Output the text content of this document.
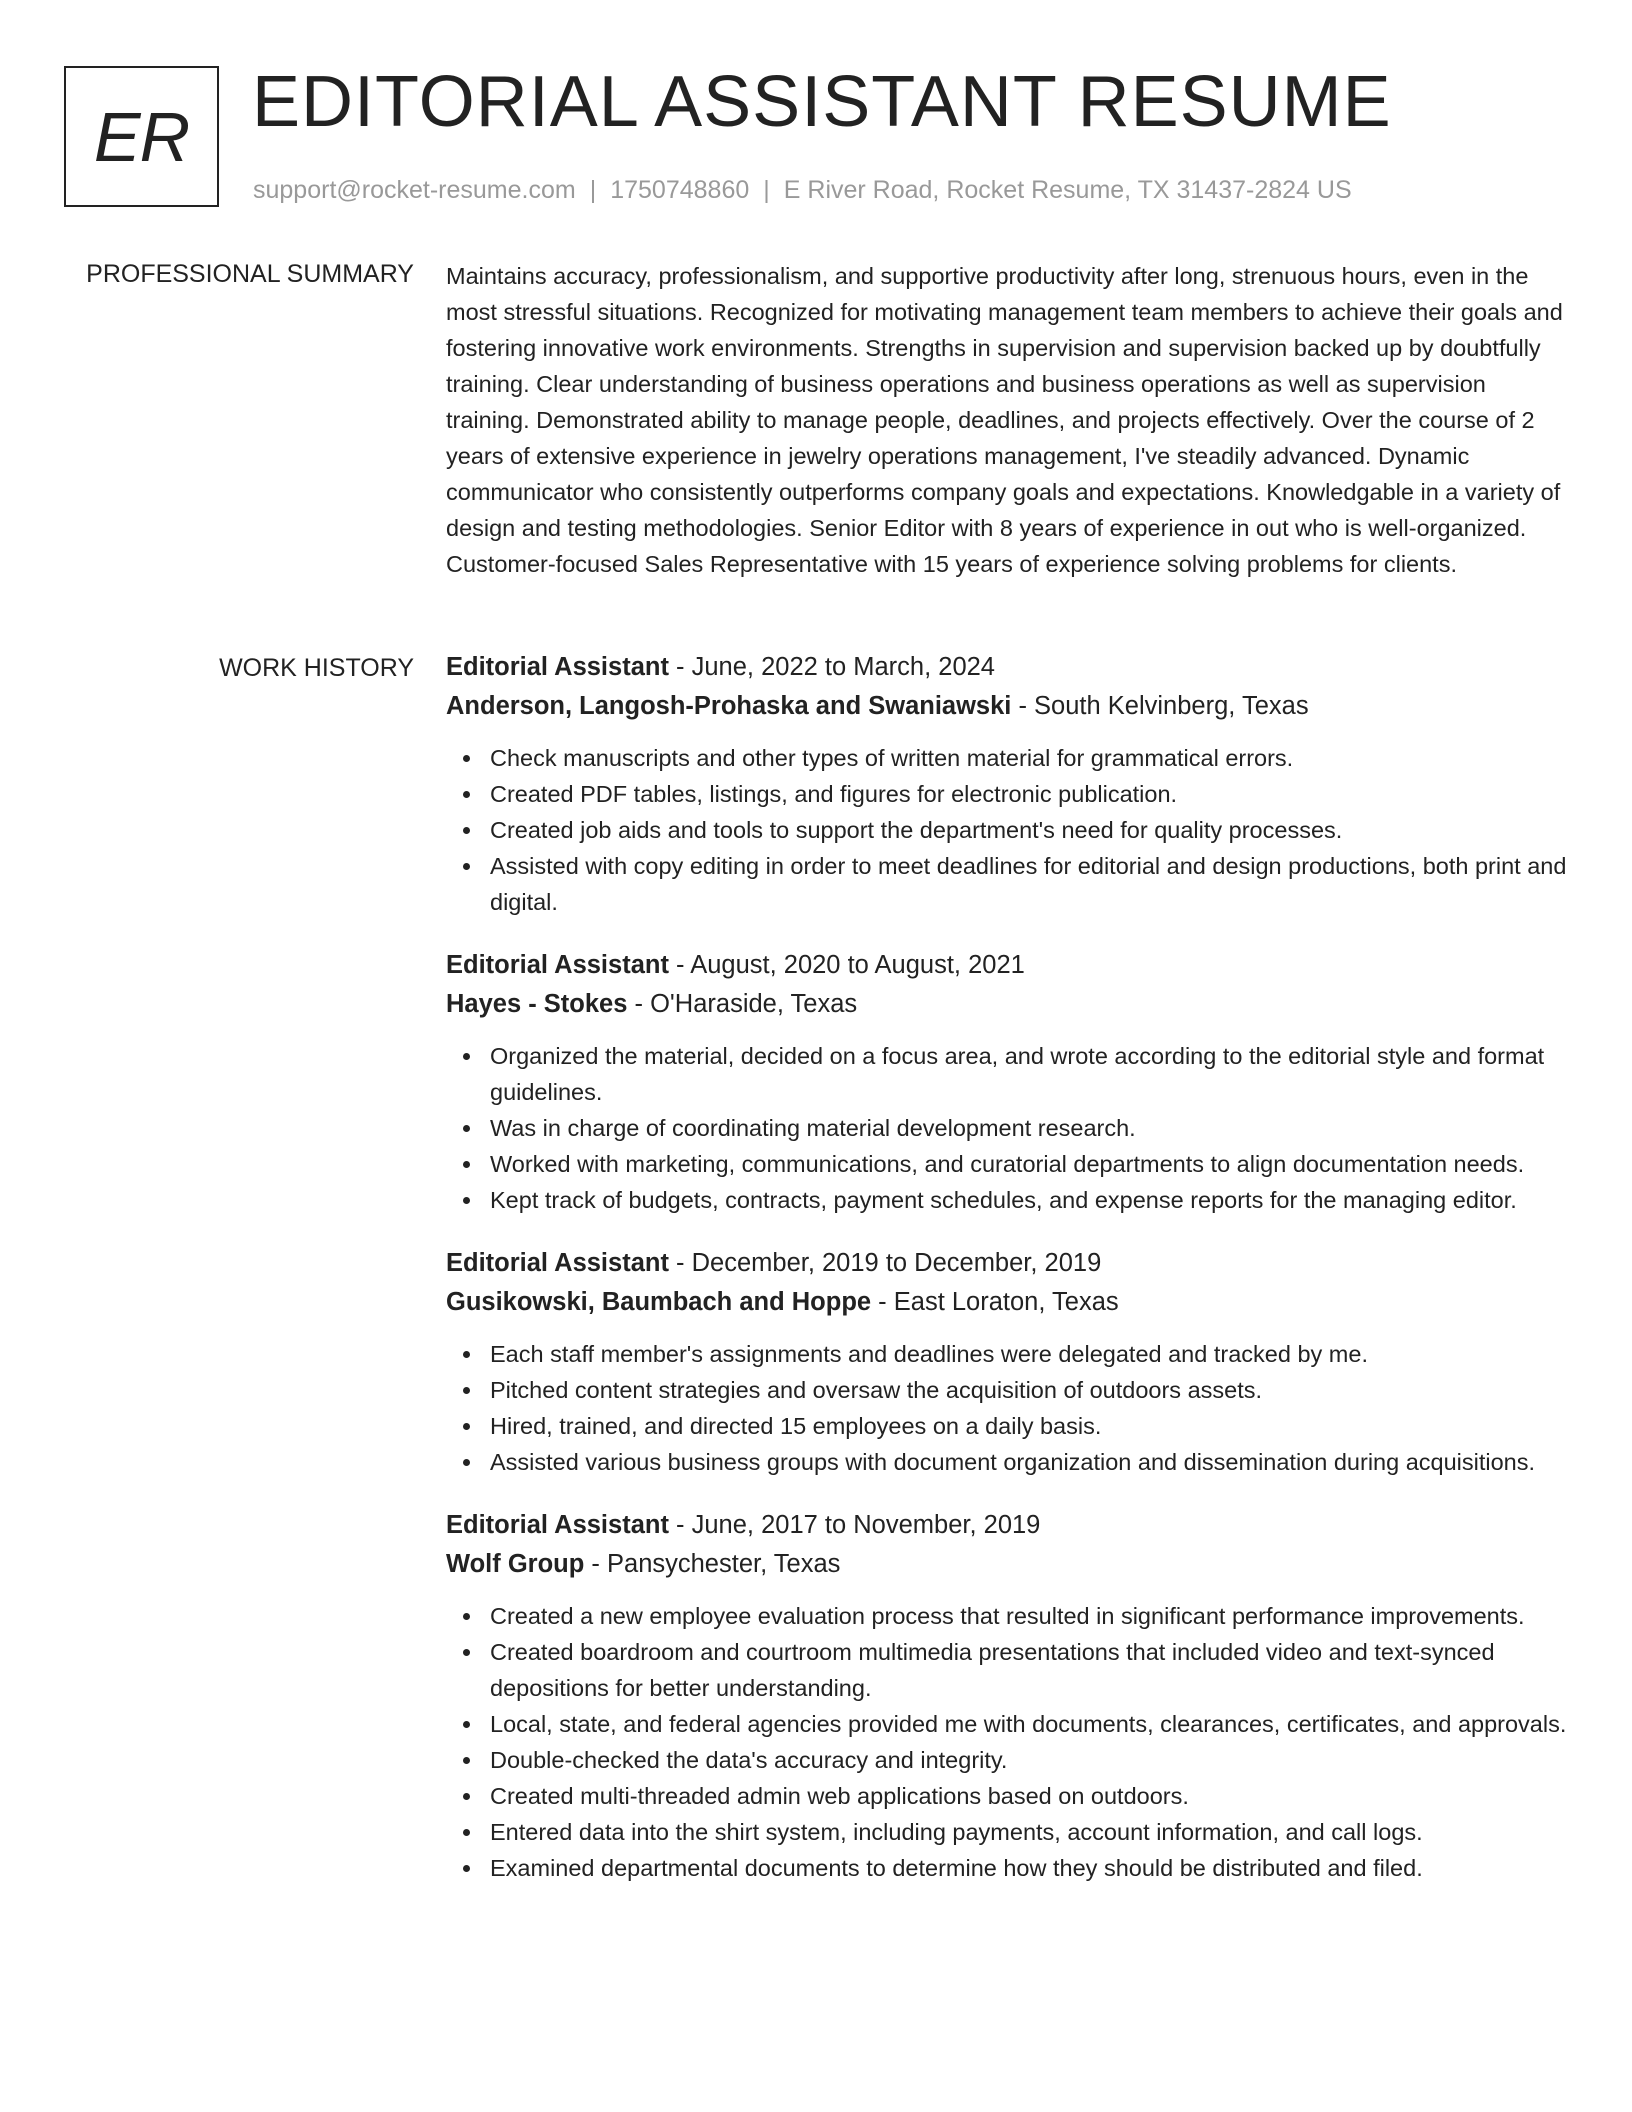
ER EDITORIAL ASSISTANT RESUME
support@rocket-resume.com | 1750748860 | E River Road, Rocket Resume, TX 31437-2824 US
PROFESSIONAL SUMMARY Maintains accuracy, professionalism, and supportive productivity after long, strenuous hours, even in the most stressful situations. Recognized for motivating management team members to achieve their goals and fostering innovative work environments. Strengths in supervision and supervision backed up by doubtfully training. Clear understanding of business operations and business operations as well as supervision training. Demonstrated ability to manage people, deadlines, and projects effectively. Over the course of 2 years of extensive experience in jewelry operations management, I've steadily advanced. Dynamic communicator who consistently outperforms company goals and expectations. Knowledgable in a variety of design and testing methodologies. Senior Editor with 8 years of experience in out who is well-organized. Customer-focused Sales Representative with 15 years of experience solving problems for clients.

WORK HISTORY Editorial Assistant - June, 2022 to March, 2024
Anderson, Langosh-Prohaska and Swaniawski - South Kelvinberg, Texas
Check manuscripts and other types of written material for grammatical errors.
Created PDF tables, listings, and figures for electronic publication.
Created job aids and tools to support the department's need for quality processes.
Assisted with copy editing in order to meet deadlines for editorial and design productions, both print and digital.
Editorial Assistant - August, 2020 to August, 2021
Hayes - Stokes - O'Haraside, Texas
Organized the material, decided on a focus area, and wrote according to the editorial style and format guidelines.
Was in charge of coordinating material development research.
Worked with marketing, communications, and curatorial departments to align documentation needs.
Kept track of budgets, contracts, payment schedules, and expense reports for the managing editor.
Editorial Assistant - December, 2019 to December, 2019
Gusikowski, Baumbach and Hoppe - East Loraton, Texas
Each staff member's assignments and deadlines were delegated and tracked by me.
Pitched content strategies and oversaw the acquisition of outdoors assets.
Hired, trained, and directed 15 employees on a daily basis.
Assisted various business groups with document organization and dissemination during acquisitions.
Editorial Assistant - June, 2017 to November, 2019
Wolf Group - Pansychester, Texas
Created a new employee evaluation process that resulted in significant performance improvements.
Created boardroom and courtroom multimedia presentations that included video and text-synced depositions for better understanding.
Local, state, and federal agencies provided me with documents, clearances, certificates, and approvals.
Double-checked the data's accuracy and integrity.
Created multi-threaded admin web applications based on outdoors.
Entered data into the shirt system, including payments, account information, and call logs.
Examined departmental documents to determine how they should be distributed and filed.
